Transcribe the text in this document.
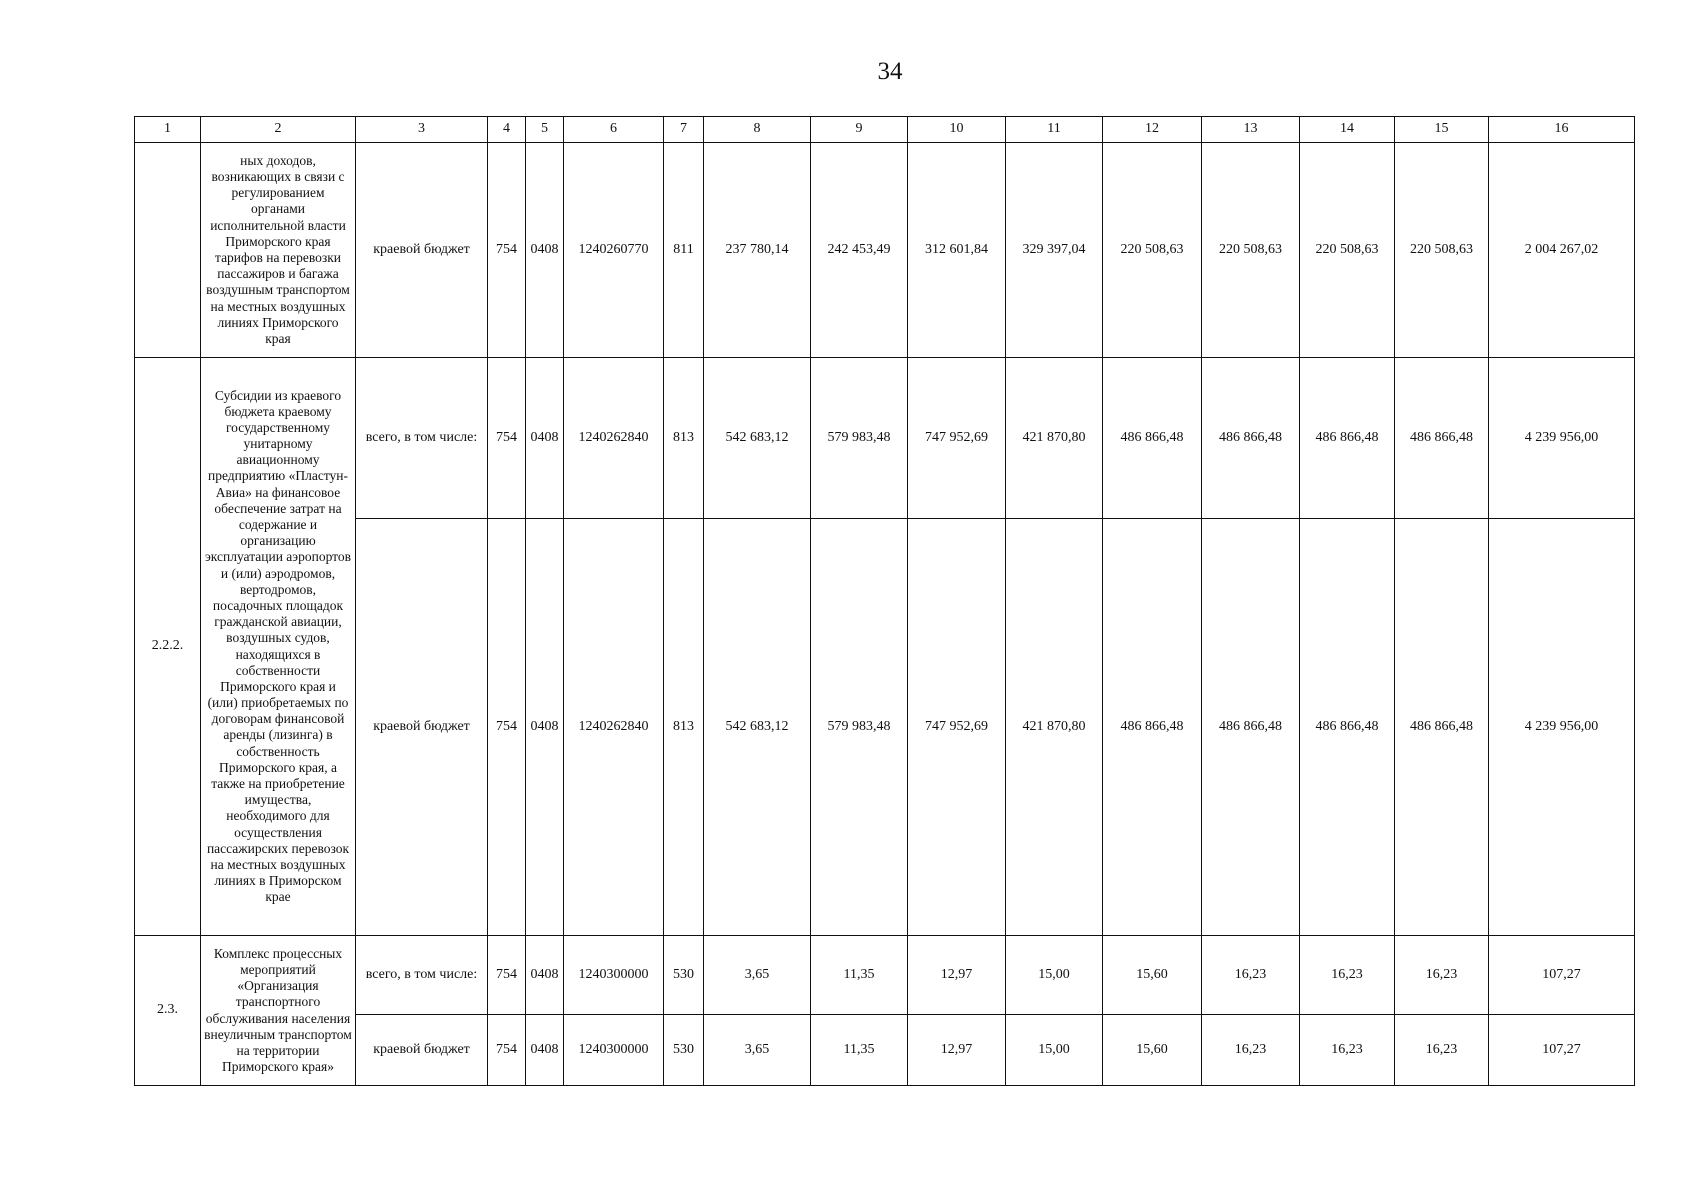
34
1	2	3	4	5	6	7	8	9	10	11	12	13	14	15	16
	ных доходов, возникающих в связи с регулированием органами исполнительной власти Приморского края тарифов на перевозки пассажиров и багажа воздушным транспортом на местных воздушных линиях Приморского края	краевой бюджет	754	0408	1240260770	811	237 780,14	242 453,49	312 601,84	329 397,04	220 508,63	220 508,63	220 508,63	220 508,63	2 004 267,02
2.2.2.	Субсидии из краевого бюджета краевому государственному унитарному авиационному предприятию «Пластун-Авиа» на финансовое обеспечение затрат на содержание и организацию эксплуатации аэропортов и (или) аэродромов, вертодромов, посадочных площадок гражданской авиации, воздушных судов, находящихся в собственности Приморского края и (или) приобретаемых по договорам финансовой аренды (лизинга) в собственность Приморского края, а также на приобретение имущества, необходимого для осуществления пассажирских перевозок на местных воздушных линиях в Приморском крае	всего, в том числе:	754	0408	1240262840	813	542 683,12	579 983,48	747 952,69	421 870,80	486 866,48	486 866,48	486 866,48	486 866,48	4 239 956,00
		краевой бюджет	754	0408	1240262840	813	542 683,12	579 983,48	747 952,69	421 870,80	486 866,48	486 866,48	486 866,48	486 866,48	4 239 956,00
2.3.	Комплекс процессных мероприятий «Организация транспортного обслуживания населения внеуличным транспортом на территории Приморского края»	всего, в том числе:	754	0408	1240300000	530	3,65	11,35	12,97	15,00	15,60	16,23	16,23	16,23	107,27
		краевой бюджет	754	0408	1240300000	530	3,65	11,35	12,97	15,00	15,60	16,23	16,23	16,23	107,27
